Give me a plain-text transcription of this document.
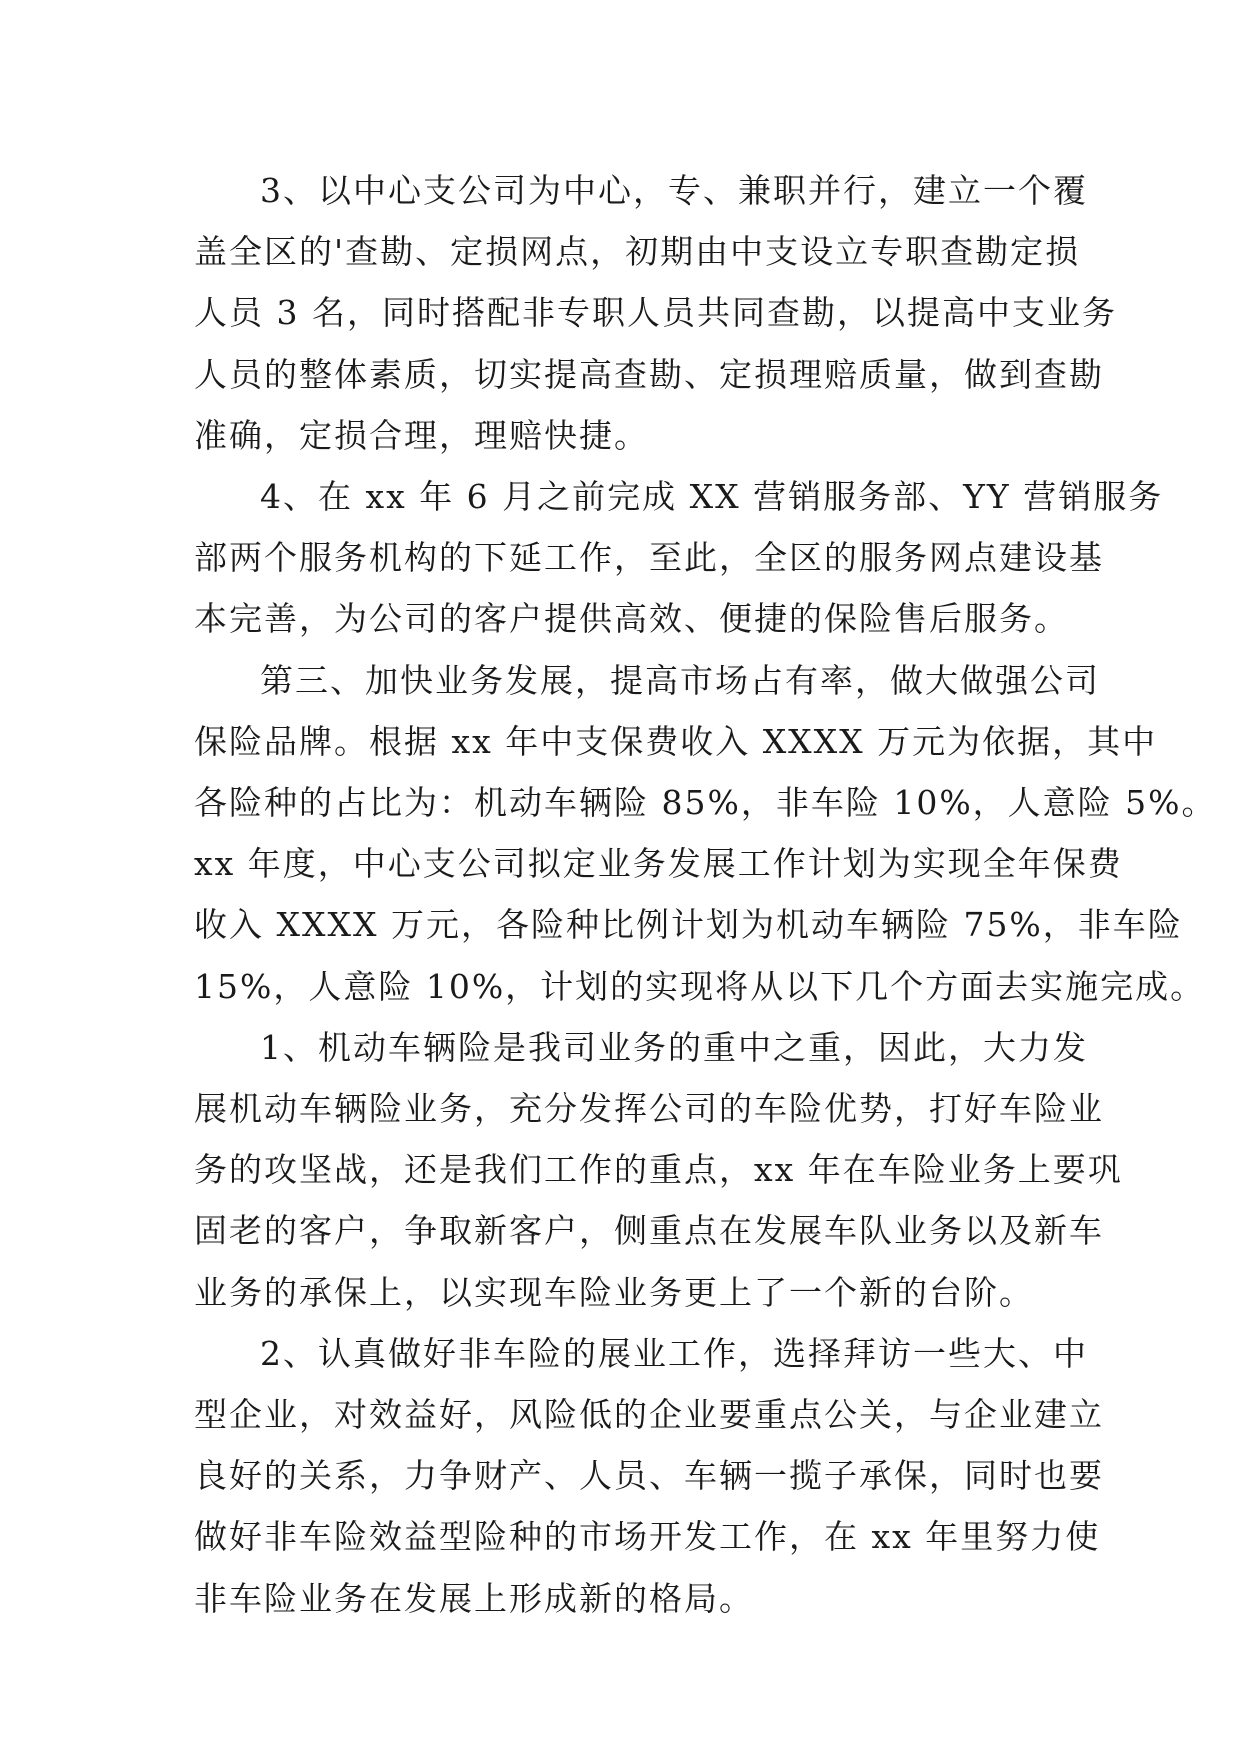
3、以中心支公司为中心，专、兼职并行，建立一个覆
盖全区的'查勘、定损网点，初期由中支设立专职查勘定损
人员 3 名，同时搭配非专职人员共同查勘，以提高中支业务
人员的整体素质，切实提高查勘、定损理赔质量，做到查勘
准确，定损合理，理赔快捷。
4、在 xx 年 6 月之前完成 XX 营销服务部、YY 营销服务
部两个服务机构的下延工作，至此，全区的服务网点建设基
本完善，为公司的客户提供高效、便捷的保险售后服务。
第三、加快业务发展，提高市场占有率，做大做强公司
保险品牌。根据 xx 年中支保费收入 XXXX 万元为依据，其中
各险种的占比为：机动车辆险 85%，非车险 10%，人意险 5%。
xx 年度，中心支公司拟定业务发展工作计划为实现全年保费
收入 XXXX 万元，各险种比例计划为机动车辆险 75%，非车险
15%，人意险 10%，计划的实现将从以下几个方面去实施完成。
1、机动车辆险是我司业务的重中之重，因此，大力发
展机动车辆险业务，充分发挥公司的车险优势，打好车险业
务的攻坚战，还是我们工作的重点，xx 年在车险业务上要巩
固老的客户，争取新客户，侧重点在发展车队业务以及新车
业务的承保上，以实现车险业务更上了一个新的台阶。
2、认真做好非车险的展业工作，选择拜访一些大、中
型企业，对效益好，风险低的企业要重点公关，与企业建立
良好的关系，力争财产、人员、车辆一揽子承保，同时也要
做好非车险效益型险种的市场开发工作，在 xx 年里努力使
非车险业务在发展上形成新的格局。
